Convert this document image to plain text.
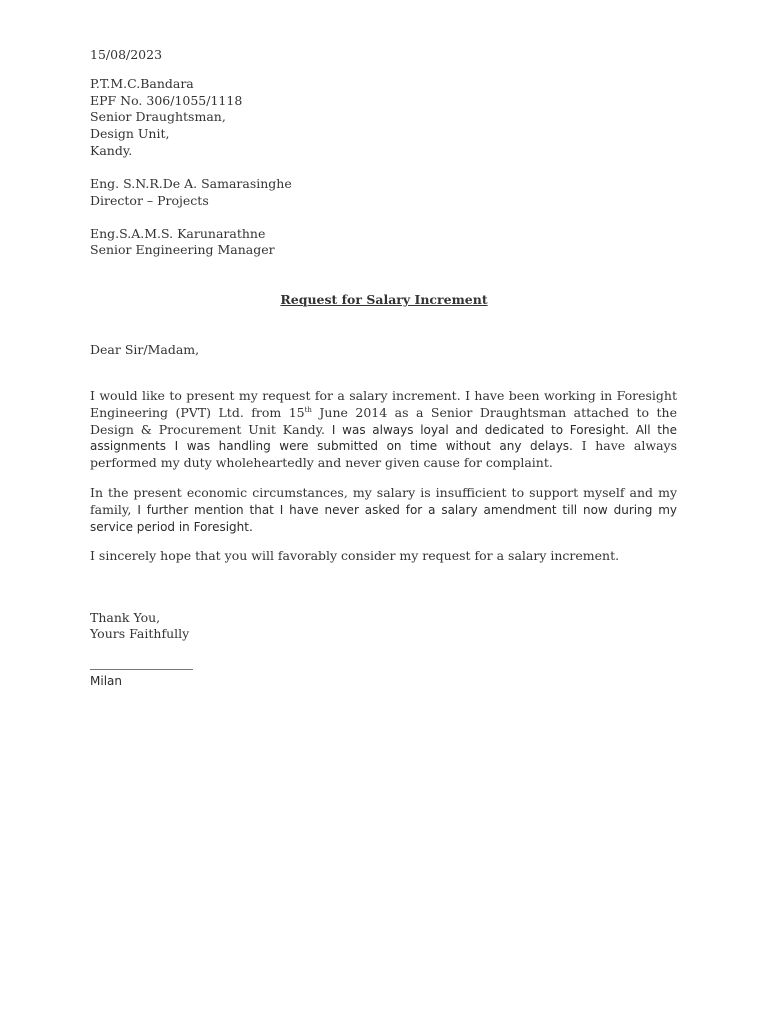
15/08/2023
P.T.M.C.Bandara
EPF No. 306/1055/1118
Senior Draughtsman,
Design Unit,
Kandy.
Eng. S.N.R.De A. Samarasinghe
Director – Projects
Eng.S.A.M.S. Karunarathne
Senior Engineering Manager
Request for Salary Increment
Dear Sir/Madam,
I would like to present my request for a salary increment. I have been working in Foresight Engineering (PVT) Ltd. from 15th June 2014 as a Senior Draughtsman attached to the Design & Procurement Unit Kandy. I was always loyal and dedicated to Foresight. All the assignments I was handling were submitted on time without any delays. I have always performed my duty wholeheartedly and never given cause for complaint.
In the present economic circumstances, my salary is insufficient to support myself and my family, I further mention that I have never asked for a salary amendment till now during my service period in Foresight.
I sincerely hope that you will favorably consider my request for a salary increment.
Thank You,
Yours Faithfully
Milan
